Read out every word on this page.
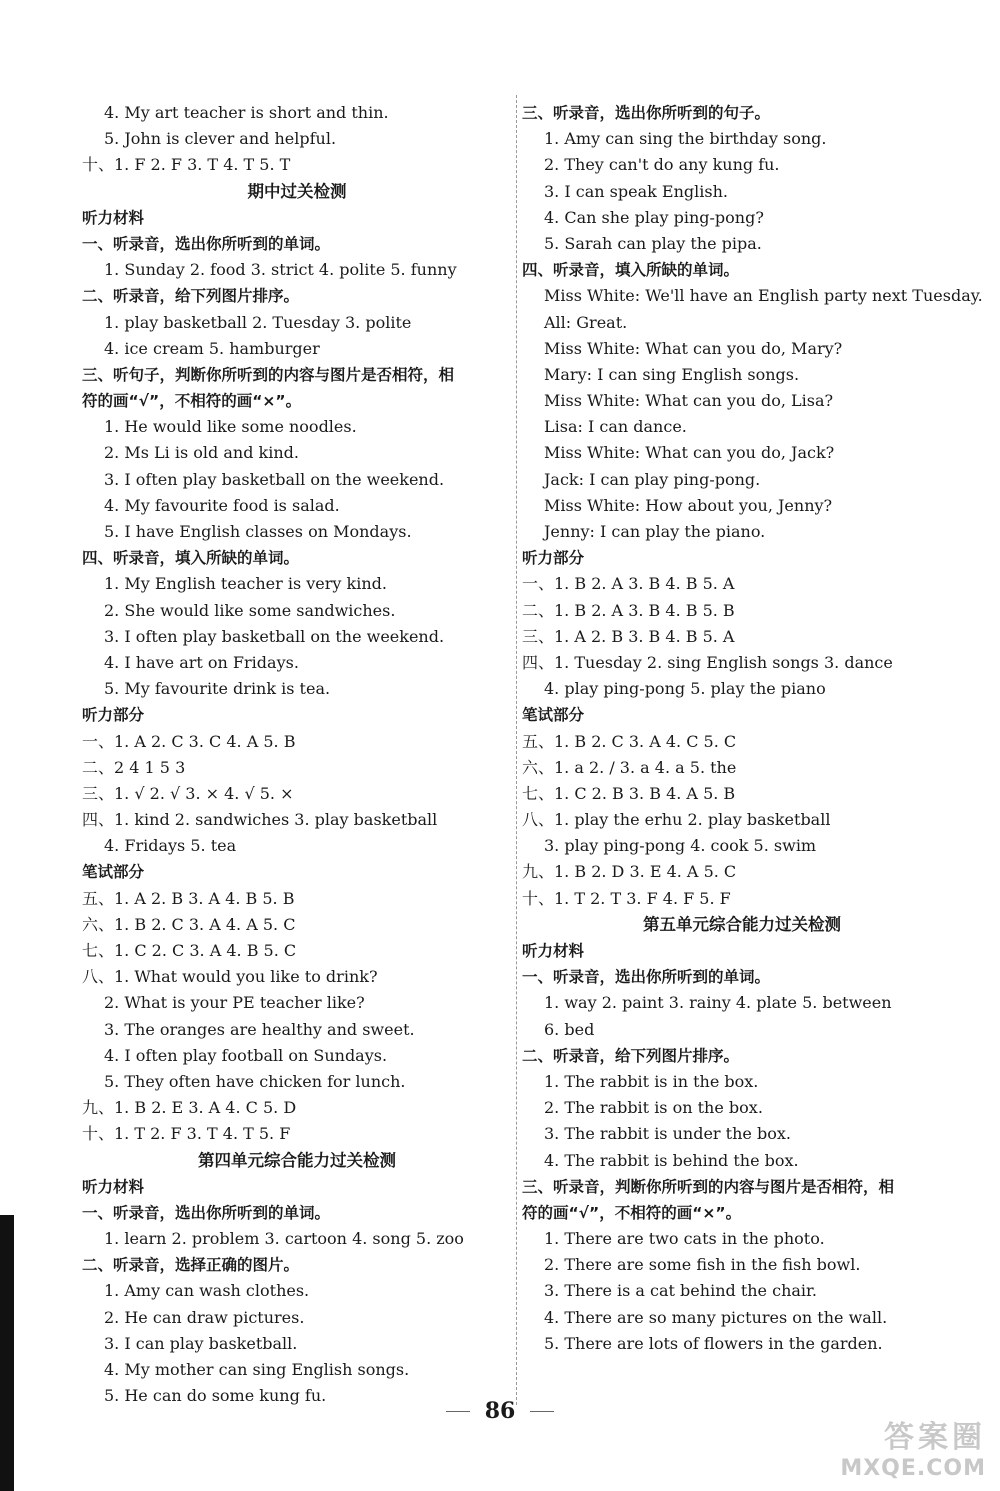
4. My art teacher is short and thin.
5. John is clever and helpful.
十、1. F 2. F 3. T 4. T 5. T
期中过关检测
听力材料
一、听录音，选出你所听到的单词。
1. Sunday 2. food 3. strict 4. polite 5. funny
二、听录音，给下列图片排序。
1. play basketball 2. Tuesday 3. polite
4. ice cream 5. hamburger
三、听句子，判断你所听到的内容与图片是否相符，相
符的画“√”，不相符的画“×”。
1. He would like some noodles.
2. Ms Li is old and kind.
3. I often play basketball on the weekend.
4. My favourite food is salad.
5. I have English classes on Mondays.
四、听录音，填入所缺的单词。
1. My English teacher is very kind.
2. She would like some sandwiches.
3. I often play basketball on the weekend.
4. I have art on Fridays.
5. My favourite drink is tea.
听力部分
一、1. A 2. C 3. C 4. A 5. B
二、2 4 1 5 3
三、1. √ 2. √ 3. × 4. √ 5. ×
四、1. kind 2. sandwiches 3. play basketball
4. Fridays 5. tea
笔试部分
五、1. A 2. B 3. A 4. B 5. B
六、1. B 2. C 3. A 4. A 5. C
七、1. C 2. C 3. A 4. B 5. C
八、1. What would you like to drink?
2. What is your PE teacher like?
3. The oranges are healthy and sweet.
4. I often play football on Sundays.
5. They often have chicken for lunch.
九、1. B 2. E 3. A 4. C 5. D
十、1. T 2. F 3. T 4. T 5. F
第四单元综合能力过关检测
听力材料
一、听录音，选出你所听到的单词。
1. learn 2. problem 3. cartoon 4. song 5. zoo
二、听录音，选择正确的图片。
1. Amy can wash clothes.
2. He can draw pictures.
3. I can play basketball.
4. My mother can sing English songs.
5. He can do some kung fu.
三、听录音，选出你所听到的句子。
1. Amy can sing the birthday song.
2. They can't do any kung fu.
3. I can speak English.
4. Can she play ping-pong?
5. Sarah can play the pipa.
四、听录音，填入所缺的单词。
Miss White: We'll have an English party next Tuesday.
All: Great.
Miss White: What can you do, Mary?
Mary: I can sing English songs.
Miss White: What can you do, Lisa?
Lisa: I can dance.
Miss White: What can you do, Jack?
Jack: I can play ping-pong.
Miss White: How about you, Jenny?
Jenny: I can play the piano.
听力部分
一、1. B 2. A 3. B 4. B 5. A
二、1. B 2. A 3. B 4. B 5. B
三、1. A 2. B 3. B 4. B 5. A
四、1. Tuesday 2. sing English songs 3. dance
4. play ping-pong 5. play the piano
笔试部分
五、1. B 2. C 3. A 4. C 5. C
六、1. a 2. / 3. a 4. a 5. the
七、1. C 2. B 3. B 4. A 5. B
八、1. play the erhu 2. play basketball
3. play ping-pong 4. cook 5. swim
九、1. B 2. D 3. E 4. A 5. C
十、1. T 2. T 3. F 4. F 5. F
第五单元综合能力过关检测
听力材料
一、听录音，选出你所听到的单词。
1. way 2. paint 3. rainy 4. plate 5. between
6. bed
二、听录音，给下列图片排序。
1. The rabbit is in the box.
2. The rabbit is on the box.
3. The rabbit is under the box.
4. The rabbit is behind the box.
三、听录音，判断你所听到的内容与图片是否相符，相
符的画“√”，不相符的画“×”。
1. There are two cats in the photo.
2. There are some fish in the fish bowl.
3. There is a cat behind the chair.
4. There are so many pictures on the wall.
5. There are lots of flowers in the garden.
86
答案圈
MXQE.COM
